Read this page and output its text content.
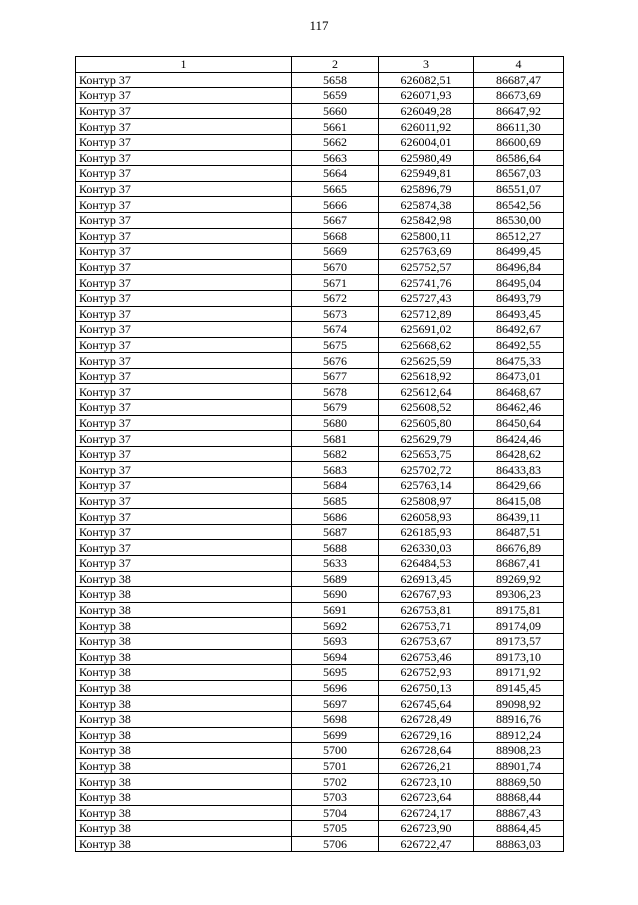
117
1	2	3	4
Контур 37	5658	626082,51	86687,47
Контур 37	5659	626071,93	86673,69
Контур 37	5660	626049,28	86647,92
Контур 37	5661	626011,92	86611,30
Контур 37	5662	626004,01	86600,69
Контур 37	5663	625980,49	86586,64
Контур 37	5664	625949,81	86567,03
Контур 37	5665	625896,79	86551,07
Контур 37	5666	625874,38	86542,56
Контур 37	5667	625842,98	86530,00
Контур 37	5668	625800,11	86512,27
Контур 37	5669	625763,69	86499,45
Контур 37	5670	625752,57	86496,84
Контур 37	5671	625741,76	86495,04
Контур 37	5672	625727,43	86493,79
Контур 37	5673	625712,89	86493,45
Контур 37	5674	625691,02	86492,67
Контур 37	5675	625668,62	86492,55
Контур 37	5676	625625,59	86475,33
Контур 37	5677	625618,92	86473,01
Контур 37	5678	625612,64	86468,67
Контур 37	5679	625608,52	86462,46
Контур 37	5680	625605,80	86450,64
Контур 37	5681	625629,79	86424,46
Контур 37	5682	625653,75	86428,62
Контур 37	5683	625702,72	86433,83
Контур 37	5684	625763,14	86429,66
Контур 37	5685	625808,97	86415,08
Контур 37	5686	626058,93	86439,11
Контур 37	5687	626185,93	86487,51
Контур 37	5688	626330,03	86676,89
Контур 37	5633	626484,53	86867,41
Контур 38	5689	626913,45	89269,92
Контур 38	5690	626767,93	89306,23
Контур 38	5691	626753,81	89175,81
Контур 38	5692	626753,71	89174,09
Контур 38	5693	626753,67	89173,57
Контур 38	5694	626753,46	89173,10
Контур 38	5695	626752,93	89171,92
Контур 38	5696	626750,13	89145,45
Контур 38	5697	626745,64	89098,92
Контур 38	5698	626728,49	88916,76
Контур 38	5699	626729,16	88912,24
Контур 38	5700	626728,64	88908,23
Контур 38	5701	626726,21	88901,74
Контур 38	5702	626723,10	88869,50
Контур 38	5703	626723,64	88868,44
Контур 38	5704	626724,17	88867,43
Контур 38	5705	626723,90	88864,45
Контур 38	5706	626722,47	88863,03
